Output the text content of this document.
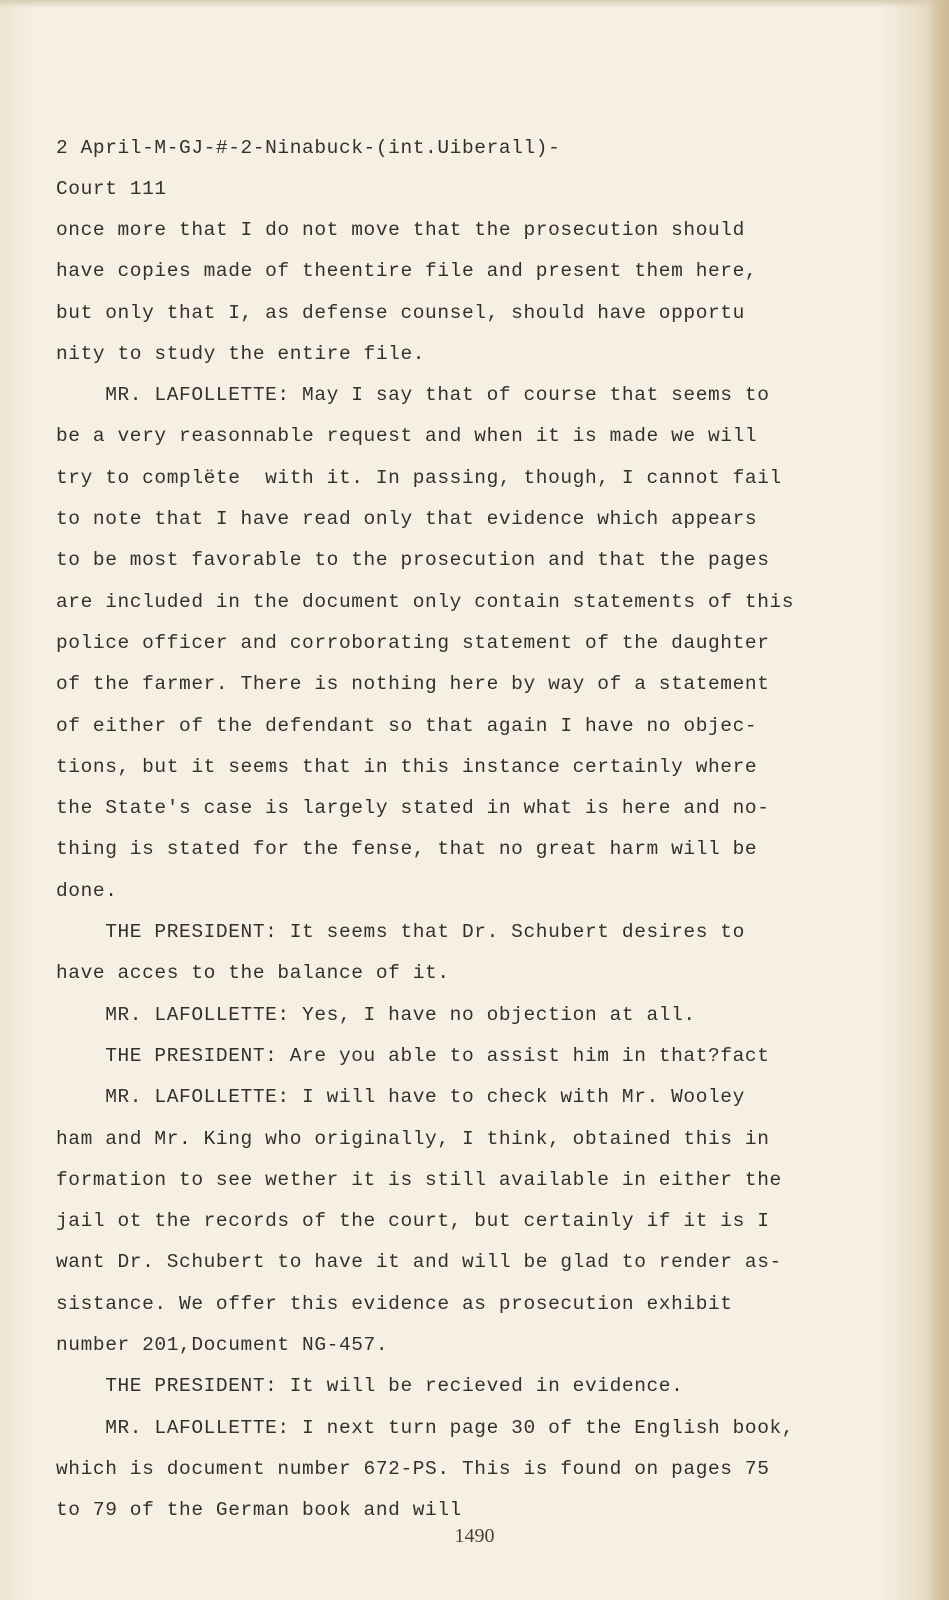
2 April-M-GJ-#-2-Ninabuck-(int.Uiberall)-
Court 111
once more that I do not move that the prosecution should
have copies made of theentire file and present them here,
but only that I, as defense counsel, should have opportu
nity to study the entire file.
MR. LAFOLLETTE: May I say that of course that seems to
be a very reasonnable request and when it is made we will
try to complëte  with it. In passing, though, I cannot fail
to note that I have read only that evidence which appears
to be most favorable to the prosecution and that the pages
are included in the document only contain statements of this
police officer and corroborating statement of the daughter
of the farmer. There is nothing here by way of a statement
of either of the defendant so that again I have no objec-
tions, but it seems that in this instance certainly where
the State's case is largely stated in what is here and no-
thing is stated for the fense, that no great harm will be
done.
THE PRESIDENT: It seems that Dr. Schubert desires to
have acces to the balance of it.
MR. LAFOLLETTE: Yes, I have no objection at all.
THE PRESIDENT: Are you able to assist him in that?fact
MR. LAFOLLETTE: I will have to check with Mr. Wooley
ham and Mr. King who originally, I think, obtained this in
formation to see wether it is still available in either the
jail ot the records of the court, but certainly if it is I
want Dr. Schubert to have it and will be glad to render as-
sistance. We offer this evidence as prosecution exhibit
number 201,Document NG-457.
THE PRESIDENT: It will be recieved in evidence.
MR. LAFOLLETTE: I next turn page 30 of the English book,
which is document number 672-PS. This is found on pages 75
to 79 of the German book and will
1490
